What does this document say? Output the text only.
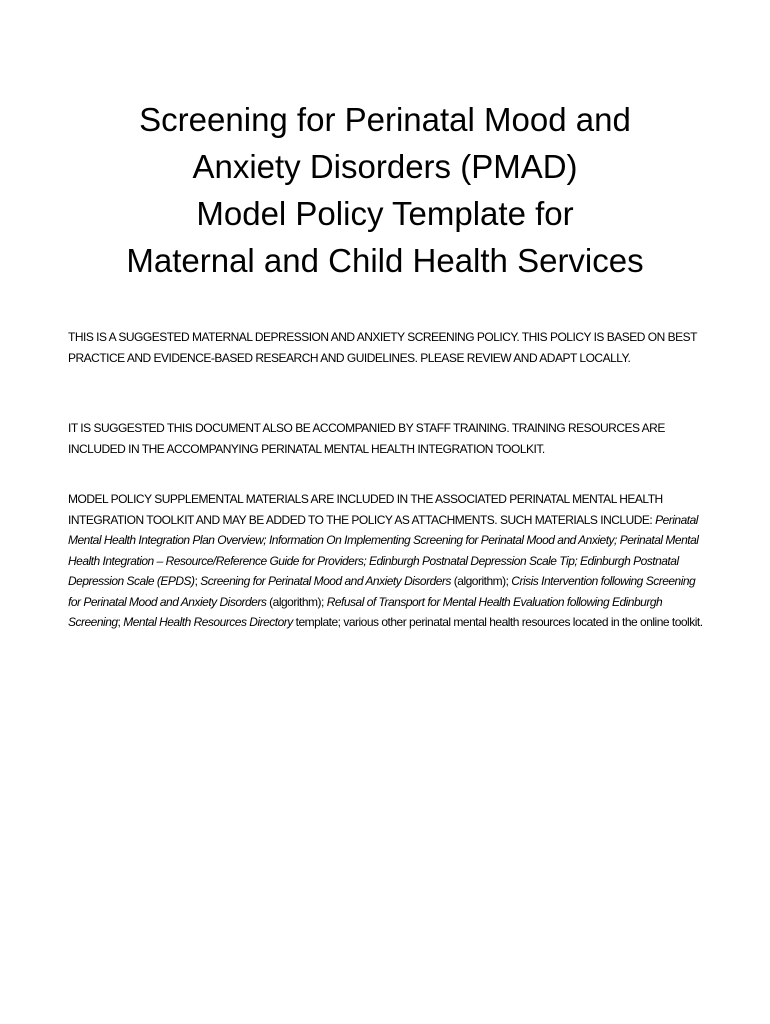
Screening for Perinatal Mood and
Anxiety Disorders (PMAD)
Model Policy Template for
Maternal and Child Health Services

THIS IS A SUGGESTED MATERNAL DEPRESSION AND ANXIETY SCREENING POLICY. THIS POLICY IS BASED ON BEST PRACTICE AND EVIDENCE-BASED RESEARCH AND GUIDELINES. PLEASE REVIEW AND ADAPT LOCALLY.

IT IS SUGGESTED THIS DOCUMENT ALSO BE ACCOMPANIED BY STAFF TRAINING. TRAINING RESOURCES ARE INCLUDED IN THE ACCOMPANYING PERINATAL MENTAL HEALTH INTEGRATION TOOLKIT.

MODEL POLICY SUPPLEMENTAL MATERIALS ARE INCLUDED IN THE ASSOCIATED PERINATAL MENTAL HEALTH INTEGRATION TOOLKIT AND MAY BE ADDED TO THE POLICY AS ATTACHMENTS. SUCH MATERIALS INCLUDE: Perinatal Mental Health Integration Plan Overview; Information On Implementing Screening for Perinatal Mood and Anxiety; Perinatal Mental Health Integration – Resource/Reference Guide for Providers; Edinburgh Postnatal Depression Scale Tip; Edinburgh Postnatal Depression Scale (EPDS); Screening for Perinatal Mood and Anxiety Disorders (algorithm); Crisis Intervention following Screening for Perinatal Mood and Anxiety Disorders (algorithm); Refusal of Transport for Mental Health Evaluation following Edinburgh Screening; Mental Health Resources Directory template; various other perinatal mental health resources located in the online toolkit.
